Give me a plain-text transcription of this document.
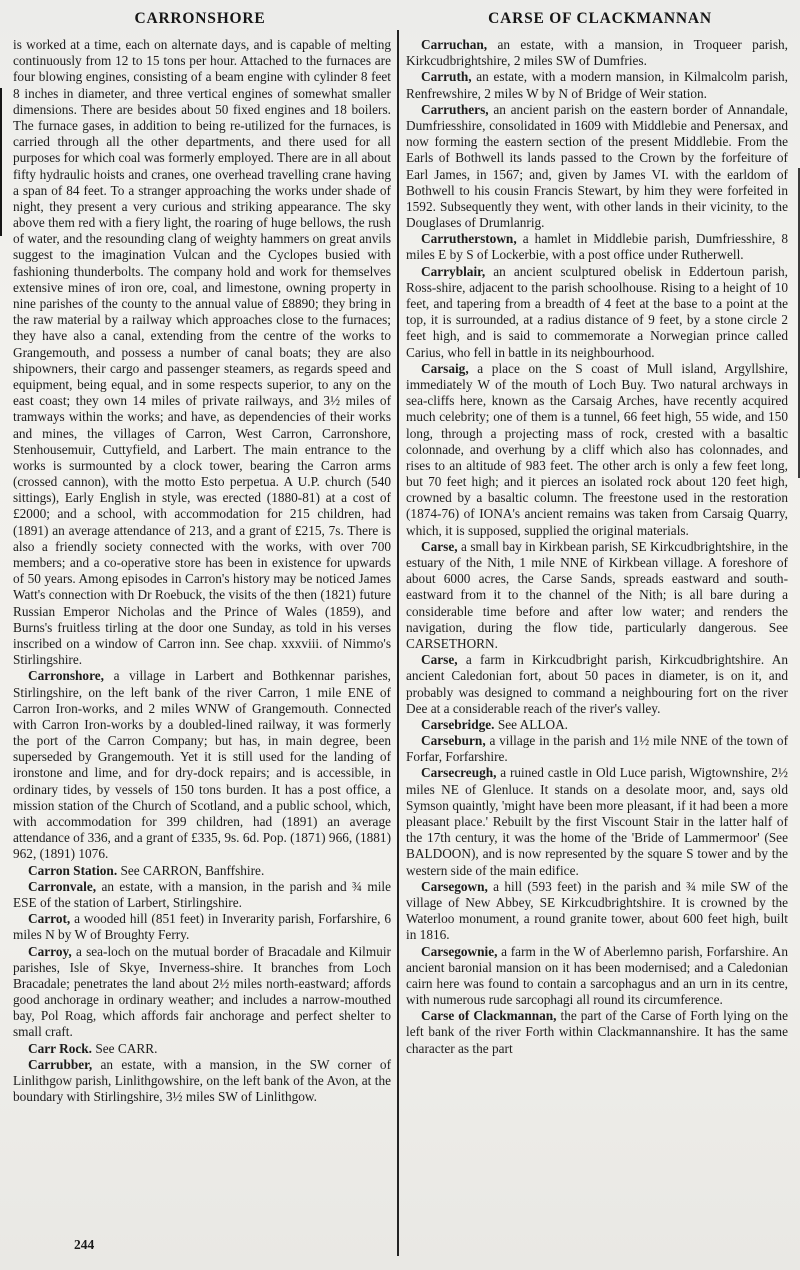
CARRONSHORE	CARSE OF CLACKMANNAN

is worked at a time, each on alternate days, and is capable of melting continuously from 12 to 15 tons per hour. Attached to the furnaces are four blowing engines, consisting of a beam engine with cylinder 8 feet 8 inches in diameter, and three vertical engines of somewhat smaller dimensions. There are besides about 50 fixed engines and 18 boilers. The furnace gases, in addition to being re-utilized for the furnaces, is carried through all the other departments, and there used for all purposes for which coal was formerly employed. There are in all about fifty hydraulic hoists and cranes, one overhead travelling crane having a span of 84 feet. To a stranger approaching the works under shade of night, they present a very curious and striking appearance. The sky above them red with a fiery light, the roaring of huge bellows, the rush of water, and the resounding clang of weighty hammers on great anvils suggest to the imagination Vulcan and the Cyclopes busied with fashioning thunderbolts. The company hold and work for themselves extensive mines of iron ore, coal, and limestone, owning property in nine parishes of the county to the annual value of £8890; they bring in the raw material by a railway which approaches close to the furnaces; they have also a canal, extending from the centre of the works to Grangemouth, and possess a number of canal boats; they are also shipowners, their cargo and passenger steamers, as regards speed and equipment, being equal, and in some respects superior, to any on the east coast; they own 14 miles of private railways, and 3½ miles of tramways within the works; and have, as dependencies of their works and mines, the villages of Carron, West Carron, Carronshore, Stenhousemuir, Cuttyfield, and Larbert. The main entrance to the works is surmounted by a clock tower, bearing the Carron arms (crossed cannon), with the motto Esto perpetua. A U.P. church (540 sittings), Early English in style, was erected (1880-81) at a cost of £2000; and a school, with accommodation for 215 children, had (1891) an average attendance of 213, and a grant of £215, 7s. There is also a friendly society connected with the works, with over 700 members; and a co-operative store has been in existence for upwards of 50 years. Among episodes in Carron's history may be noticed James Watt's connection with Dr Roebuck, the visits of the then (1821) future Russian Emperor Nicholas and the Prince of Wales (1859), and Burns's fruitless tirling at the door one Sunday, as told in his verses inscribed on a window of Carron inn. See chap. xxxviii. of Nimmo's Stirlingshire.

Carronshore, a village in Larbert and Bothkennar parishes, Stirlingshire, on the left bank of the river Carron, 1 mile ENE of Carron Iron-works, and 2 miles WNW of Grangemouth. Connected with Carron Iron-works by a doubled-lined railway, it was formerly the port of the Carron Company; but has, in main degree, been superseded by Grangemouth. Yet it is still used for the landing of ironstone and lime, and for dry-dock repairs; and is accessible, in ordinary tides, by vessels of 150 tons burden. It has a post office, a mission station of the Church of Scotland, and a public school, which, with accommodation for 399 children, had (1891) an average attendance of 336, and a grant of £335, 9s. 6d. Pop. (1871) 966, (1881) 962, (1891) 1076.

Carron Station. See CARRON, Banffshire.

Carronvale, an estate, with a mansion, in the parish and ¾ mile ESE of the station of Larbert, Stirlingshire.

Carrot, a wooded hill (851 feet) in Inverarity parish, Forfarshire, 6 miles N by W of Broughty Ferry.

Carroy, a sea-loch on the mutual border of Bracadale and Kilmuir parishes, Isle of Skye, Inverness-shire. It branches from Loch Bracadale; penetrates the land about 2½ miles north-eastward; affords good anchorage in ordinary weather; and includes a narrow-mouthed bay, Pol Roag, which affords fair anchorage and perfect shelter to small craft.

Carr Rock. See CARR.

Carrubber, an estate, with a mansion, in the SW corner of Linlithgow parish, Linlithgowshire, on the left bank of the Avon, at the boundary with Stirlingshire, 3½ miles SW of Linlithgow.

Carruchan, an estate, with a mansion, in Troqueer parish, Kirkcudbrightshire, 2 miles SW of Dumfries.

Carruth, an estate, with a modern mansion, in Kilmalcolm parish, Renfrewshire, 2 miles W by N of Bridge of Weir station.

Carruthers, an ancient parish on the eastern border of Annandale, Dumfriesshire, consolidated in 1609 with Middlebie and Penersax, and now forming the eastern section of the present Middlebie. From the Earls of Bothwell its lands passed to the Crown by the forfeiture of Earl James, in 1567; and, given by James VI. with the earldom of Bothwell to his cousin Francis Stewart, by him they were forfeited in 1592. Subsequently they went, with other lands in their vicinity, to the Douglases of Drumlanrig.

Carrutherstown, a hamlet in Middlebie parish, Dumfriesshire, 8 miles E by S of Lockerbie, with a post office under Rutherwell.

Carryblair, an ancient sculptured obelisk in Eddertoun parish, Ross-shire, adjacent to the parish schoolhouse. Rising to a height of 10 feet, and tapering from a breadth of 4 feet at the base to a point at the top, it is surrounded, at a radius distance of 9 feet, by a stone circle 2 feet high, and is said to commemorate a Norwegian prince called Carius, who fell in battle in its neighbourhood.

Carsaig, a place on the S coast of Mull island, Argyllshire, immediately W of the mouth of Loch Buy. Two natural archways in sea-cliffs here, known as the Carsaig Arches, have recently acquired much celebrity; one of them is a tunnel, 66 feet high, 55 wide, and 150 long, through a projecting mass of rock, crested with a basaltic colonnade, and overhung by a cliff which also has colonnades, and rises to an altitude of 983 feet. The other arch is only a few feet long, but 70 feet high; and it pierces an isolated rock about 120 feet high, crowned by a basaltic column. The freestone used in the restoration (1874-76) of IONA's ancient remains was taken from Carsaig Quarry, which, it is supposed, supplied the original materials.

Carse, a small bay in Kirkbean parish, SE Kirkcudbrightshire, in the estuary of the Nith, 1 mile NNE of Kirkbean village. A foreshore of about 6000 acres, the Carse Sands, spreads eastward and south-eastward from it to the channel of the Nith; is all bare during a considerable time before and after low water; and renders the navigation, during the flow tide, particularly dangerous. See CARSETHORN.

Carse, a farm in Kirkcudbright parish, Kirkcudbrightshire. An ancient Caledonian fort, about 50 paces in diameter, is on it, and probably was designed to command a neighbouring fort on the river Dee at a considerable reach of the river's valley.

Carsebridge. See ALLOA.

Carseburn, a village in the parish and 1½ mile NNE of the town of Forfar, Forfarshire.

Carsecreugh, a ruined castle in Old Luce parish, Wigtownshire, 2½ miles NE of Glenluce. It stands on a desolate moor, and, says old Symson quaintly, 'might have been more pleasant, if it had been a more pleasant place.' Rebuilt by the first Viscount Stair in the latter half of the 17th century, it was the home of the 'Bride of Lammermoor' (See BALDOON), and is now represented by the square S tower and by the western side of the main edifice.

Carsegown, a hill (593 feet) in the parish and ¾ mile SW of the village of New Abbey, SE Kirkcudbrightshire. It is crowned by the Waterloo monument, a round granite tower, about 600 feet high, built in 1816.

Carsegownie, a farm in the W of Aberlemno parish, Forfarshire. An ancient baronial mansion on it has been modernised; and a Caledonian cairn here was found to contain a sarcophagus and an urn in its centre, with numerous rude sarcophagi all round its circumference.

Carse of Clackmannan, the part of the Carse of Forth lying on the left bank of the river Forth within Clackmannanshire. It has the same character as the part

244
